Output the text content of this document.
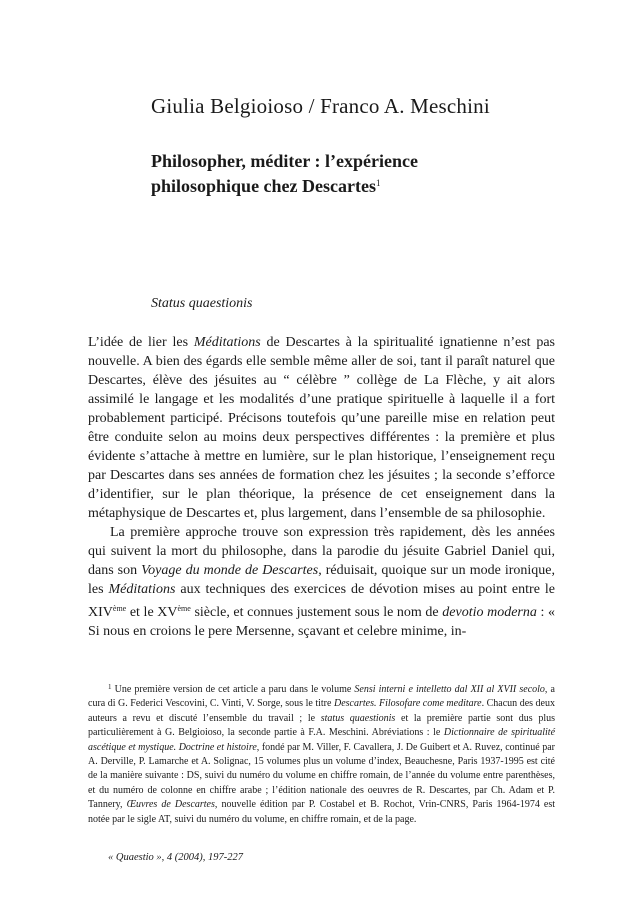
Giulia Belgioioso / Franco A. Meschini
Philosopher, méditer : l’expérience
philosophique chez Descartes$^1$
Status quaestionis

L’idée de lier les Méditations de Descartes à la spiritualité ignatienne n’est pas nouvelle. A bien des égards elle semble même aller de soi, tant il paraît naturel que Descartes, élève des jésuites au “ célèbre ” collège de La Flèche, y ait alors assimilé le langage et les modalités d’une pratique spirituelle à laquelle il a fort probablement participé. Précisons toutefois qu’une pareille mise en relation peut être conduite selon au moins deux perspectives différentes : la première et plus évidente s’attache à mettre en lumière, sur le plan historique, l’enseignement reçu par Descartes dans ses années de formation chez les jésuites ; la seconde s’efforce d’identifier, sur le plan théorique, la présence de cet enseignement dans la métaphysique de Descartes et, plus largement, dans l’ensemble de sa philosophie.

La première approche trouve son expression très rapidement, dès les années qui suivent la mort du philosophe, dans la parodie du jésuite Gabriel Daniel qui, dans son Voyage du monde de Descartes, réduisait, quoique sur un mode ironique, les Méditations aux techniques des exercices de dévotion mises au point entre le XIVème et le XVème siècle, et connues justement sous le nom de devotio moderna : « Si nous en croions le pere Mersenne, sçavant et celebre minime, in-

$^1$ Une première version de cet article a paru dans le volume Sensi interni e intelletto dal XII al XVII secolo, a cura di G. Federici Vescovini, C. Vinti, V. Sorge, sous le titre Descartes. Filosofare come meditare. Chacun des deux auteurs a revu et discuté l’ensemble du travail ; le status quaestionis et la première partie sont dus plus particulièrement à G. Belgioioso, la seconde partie à F.A. Meschini. Abréviations : le Dictionnaire de spiritualité ascétique et mystique. Doctrine et histoire, fondé par M. Viller, F. Cavallera, J. De Guibert et A. Ruvez, continué par A. Derville, P. Lamarche et A. Solignac, 15 volumes plus un volume d’index, Beauchesne, Paris 1937-1995 est cité de la manière suivante : DS, suivi du numéro du volume en chiffre romain, de l’année du volume entre parenthèses, et du numéro de colonne en chiffre arabe ; l’édition nationale des oeuvres de R. Descartes, par Ch. Adam et P. Tannery, Œuvres de Descartes, nouvelle édition par P. Costabel et B. Rochot, Vrin-CNRS, Paris 1964-1974 est notée par le sigle AT, suivi du numéro du volume, en chiffre romain, et de la page.
« Quaestio », 4 (2004), 197-227
